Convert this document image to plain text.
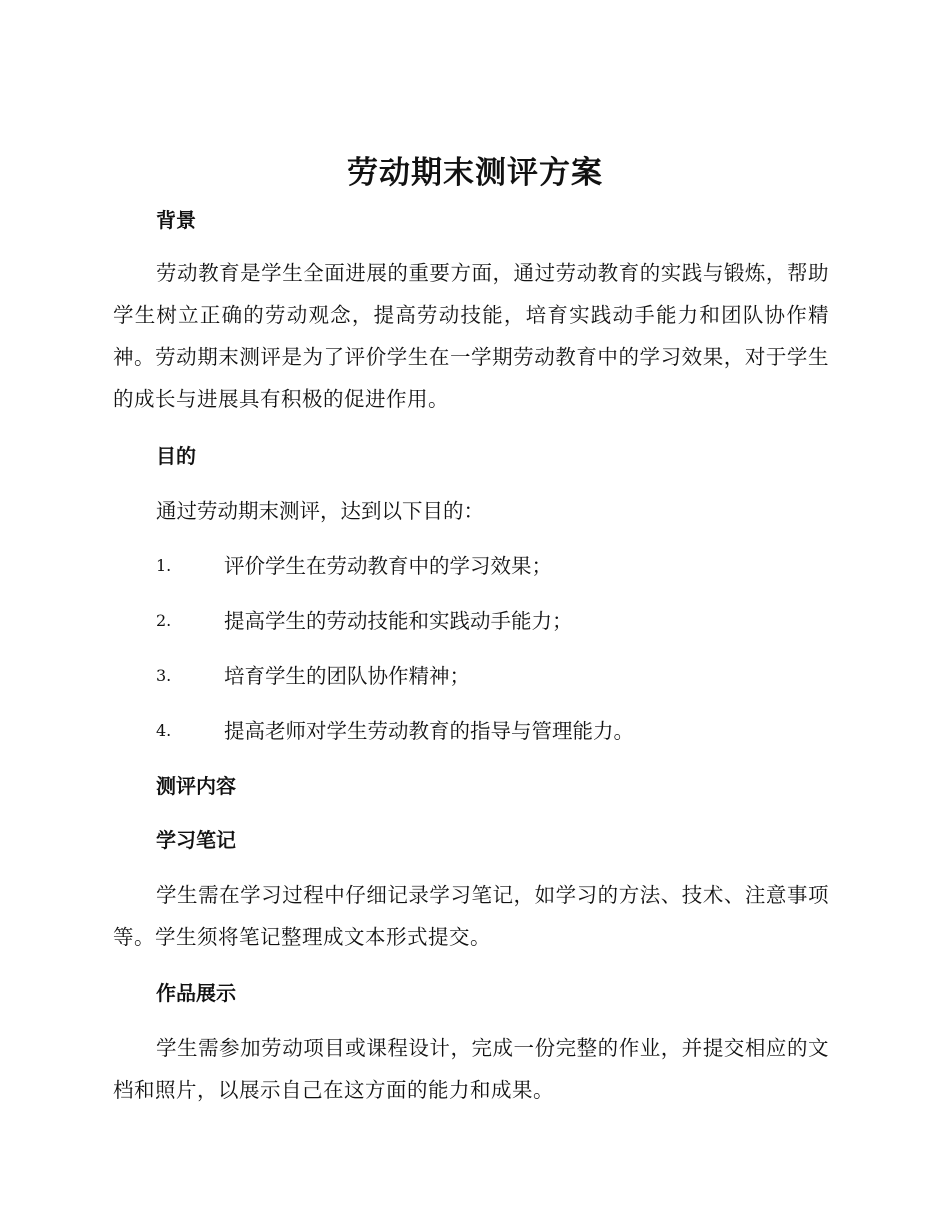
劳动期末测评方案
背景

劳动教育是学生全面进展的重要方面，通过劳动教育的实践与锻炼，帮助学生树立正确的劳动观念，提高劳动技能，培育实践动手能力和团队协作精神。劳动期末测评是为了评价学生在一学期劳动教育中的学习效果，对于学生的成长与进展具有积极的促进作用。

目的

通过劳动期末测评，达到以下目的：

1.	评价学生在劳动教育中的学习效果；
2.	提高学生的劳动技能和实践动手能力；
3.	培育学生的团队协作精神；
4.	提高老师对学生劳动教育的指导与管理能力。
测评内容
学习笔记

学生需在学习过程中仔细记录学习笔记，如学习的方法、技术、注意事项等。学生须将笔记整理成文本形式提交。

作品展示

学生需参加劳动项目或课程设计，完成一份完整的作业，并提交相应的文档和照片，以展示自己在这方面的能力和成果。
